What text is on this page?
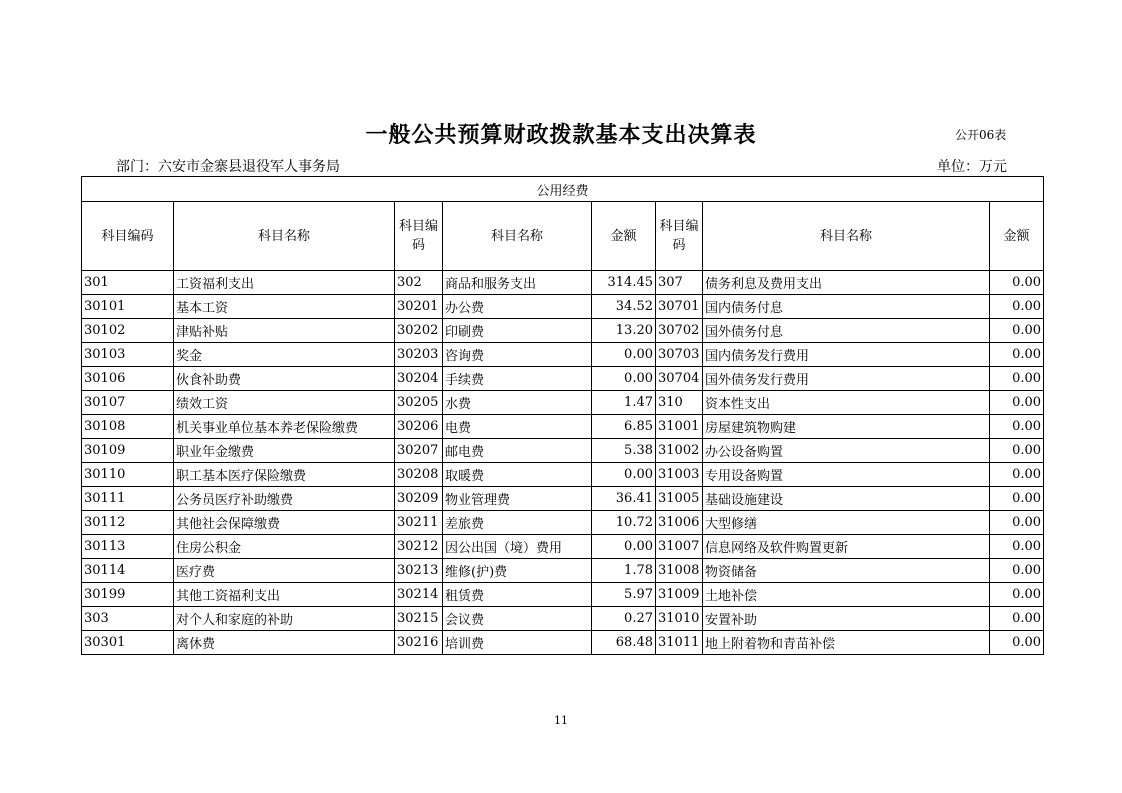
一般公共预算财政拨款基本支出决算表	公开06表
部门：六安市金寨县退役军人事务局	单位：万元
公用经费							
科目编码	科目名称	科目编码	科目名称	金额	科目编码	科目名称	金额
301	工资福利支出	302	商品和服务支出	314.45	307	债务利息及费用支出	0.00
30101	基本工资	30201	办公费	34.52	30701	国内债务付息	0.00
30102	津贴补贴	30202	印刷费	13.20	30702	国外债务付息	0.00
30103	奖金	30203	咨询费	0.00	30703	国内债务发行费用	0.00
30106	伙食补助费	30204	手续费	0.00	30704	国外债务发行费用	0.00
30107	绩效工资	30205	水费	1.47	310	资本性支出	0.00
30108	机关事业单位基本养老保险缴费	30206	电费	6.85	31001	房屋建筑物购建	0.00
30109	职业年金缴费	30207	邮电费	5.38	31002	办公设备购置	0.00
30110	职工基本医疗保险缴费	30208	取暖费	0.00	31003	专用设备购置	0.00
30111	公务员医疗补助缴费	30209	物业管理费	36.41	31005	基础设施建设	0.00
30112	其他社会保障缴费	30211	差旅费	10.72	31006	大型修缮	0.00
30113	住房公积金	30212	因公出国（境）费用	0.00	31007	信息网络及软件购置更新	0.00
30114	医疗费	30213	维修(护)费	1.78	31008	物资储备	0.00
30199	其他工资福利支出	30214	租赁费	5.97	31009	土地补偿	0.00
303	对个人和家庭的补助	30215	会议费	0.27	31010	安置补助	0.00
30301	离休费	30216	培训费	68.48	31011	地上附着物和青苗补偿	0.00
11
